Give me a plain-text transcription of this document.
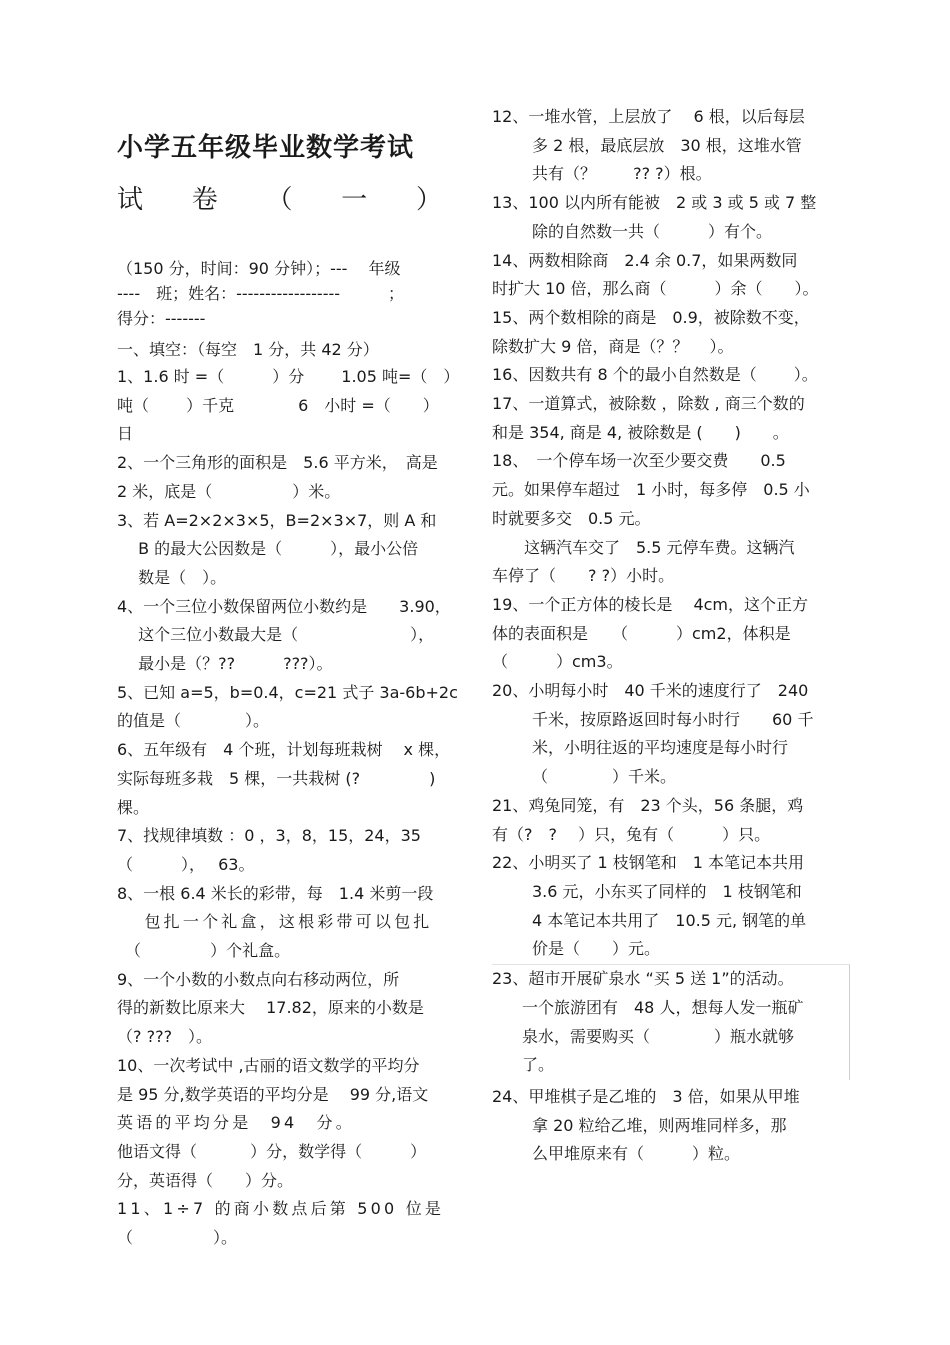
小学五年级毕业数学考试
试 卷 （ 一 ）
（150 分，时间：90 分钟）；---　 年级
----　班；姓名：------------------　　　；
得分：-------
一、填空：（每空　1 分，共 42 分）

1、1.6 时 =（　　　）分　　 1.05 吨=（　）

吨（　　 ）千克　　　　6　小时 =（　　）

日

2、一个三角形的面积是　5.6 平方米，　高是

2 米，底是（　　　　　）米。

3、若 A=2×2×3×5，B=2×3×7，则 A 和

　 B 的最大公因数是（　　　），最小公倍

　 数是（　）。

4、一个三位小数保留两位小数约是　　3.90，

　 这个三位小数最大是（　　　　　　　），

　 最小是（？??　　　???）。

5、已知 a=5，b=0.4，c=21 式子 3a-6b+2c

的值是（　　　　）。

6、五年级有　4 个班，计划每班栽树　 x 棵，

实际每班多栽　5 棵，一共栽树 (?　　　　 )

棵。

7、找规律填数 ：0 ，3，8，15，24，35

（　　　），　 63。

8、一根 6.4 米长的彩带，每　1.4 米剪一段

　 包扎一个礼盒，这根彩带可以包扎

　（　　　　 ）个礼盒。

9、一个小数的小数点向右移动两位，所

得的新数比原来大　 17.82，原来的小数是

（? ???　）。

10、一次考试中 ,古丽的语文数学的平均分

是 95 分,数学英语的平均分是　 99 分,语文

英语的平均分是　94　分。

他语文得（　　　 ）分，数学得（　　　）

分，英语得（　　）分。

11、1÷7 的商小数点后第 500 位是

（　　　　　）。

12、一堆水管，上层放了　 6 根，以后每层

多 2 根，最底层放　30 根，这堆水管

共有（？　　 ?? ?）根。

13、100 以内所有能被　2 或 3 或 5 或 7 整

除的自然数一共（　　　）有个。

14、两数相除商　2.4 余 0.7，如果两数同

时扩大 10 倍，那么商（　　　）余（　　）。

15、两个数相除的商是　0.9，被除数不变，

除数扩大 9 倍，商是（？？　 ）。

16、因数共有 8 个的最小自然数是（　　 ）。

17、一道算式，被除数 ，除数 , 商三个数的

和是 354, 商是 4, 被除数是 (　　)　　。

18、　一个停车场一次至少要交费　　0.5

元。如果停车超过　1 小时，每多停　0.5 小

时就要多交　0.5 元。

　　这辆汽车交了　5.5 元停车费。这辆汽

车停了（　　? ?）小时。

19、一个正方体的棱长是　 4cm，这个正方

体的表面积是　　（　　　）cm2，体积是

（　　　）cm3。

20、小明每小时　40 千米的速度行了　240

千米，按原路返回时每小时行　　60 千

米，小明往返的平均速度是每小时行

（　　　　）千米。

21、鸡兔同笼，有　23 个头，56 条腿，鸡

有（?　?　 ）只，兔有（　　　）只。

22、小明买了 1 枝钢笔和　1 本笔记本共用

3.6 元，小东买了同样的　1 枝钢笔和

4 本笔记本共用了　10.5 元, 钢笔的单

价是（　　）元。

23、超市开展矿泉水 “买 5 送 1”的活动。

一个旅游团有　48 人，想每人发一瓶矿

泉水，需要购买（　　　　）瓶水就够

了。

24、甲堆棋子是乙堆的　3 倍，如果从甲堆

拿 20 粒给乙堆，则两堆同样多，那

么甲堆原来有（　　　）粒。
